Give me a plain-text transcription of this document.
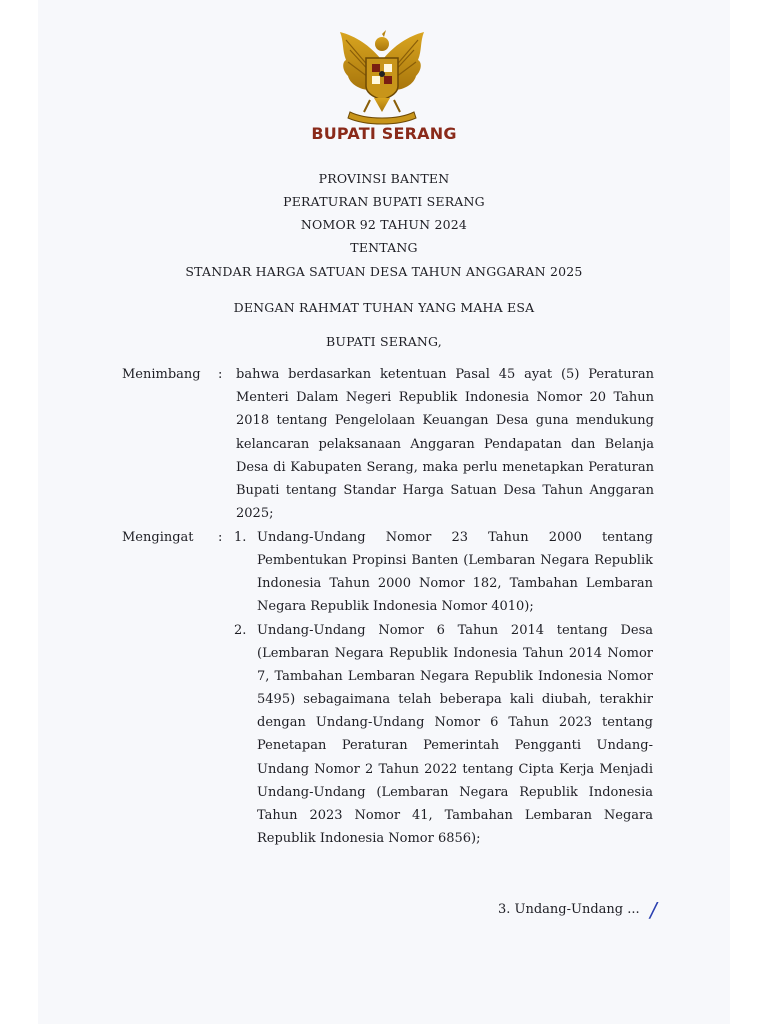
BUPATI SERANG
PROVINSI BANTEN
PERATURAN BUPATI SERANG
NOMOR 92 TAHUN 2024
TENTANG
STANDAR HARGA SATUAN DESA TAHUN ANGGARAN 2025
DENGAN RAHMAT TUHAN YANG MAHA ESA
BUPATI SERANG,
Menimbang : bahwa berdasarkan ketentuan Pasal 45 ayat (5) Peraturan Menteri Dalam Negeri Republik Indonesia Nomor 20 Tahun 2018 tentang Pengelolaan Keuangan Desa guna mendukung kelancaran pelaksanaan Anggaran Pendapatan dan Belanja Desa di Kabupaten Serang, maka perlu menetapkan Peraturan Bupati tentang Standar Harga Satuan Desa Tahun Anggaran 2025;
Mengingat : 1. Undang-Undang Nomor 23 Tahun 2000 tentang Pembentukan Propinsi Banten (Lembaran Negara Republik Indonesia Tahun 2000 Nomor 182, Tambahan Lembaran Negara Republik Indonesia Nomor 4010);
2. Undang-Undang Nomor 6 Tahun 2014 tentang Desa (Lembaran Negara Republik Indonesia Tahun 2014 Nomor 7, Tambahan Lembaran Negara Republik Indonesia Nomor 5495) sebagaimana telah beberapa kali diubah, terakhir dengan Undang-Undang Nomor 6 Tahun 2023 tentang Penetapan Peraturan Pemerintah Pengganti Undang-Undang Nomor 2 Tahun 2022 tentang Cipta Kerja Menjadi Undang-Undang (Lembaran Negara Republik Indonesia Tahun 2023 Nomor 41, Tambahan Lembaran Negara Republik Indonesia Nomor 6856);
3. Undang-Undang ... /
